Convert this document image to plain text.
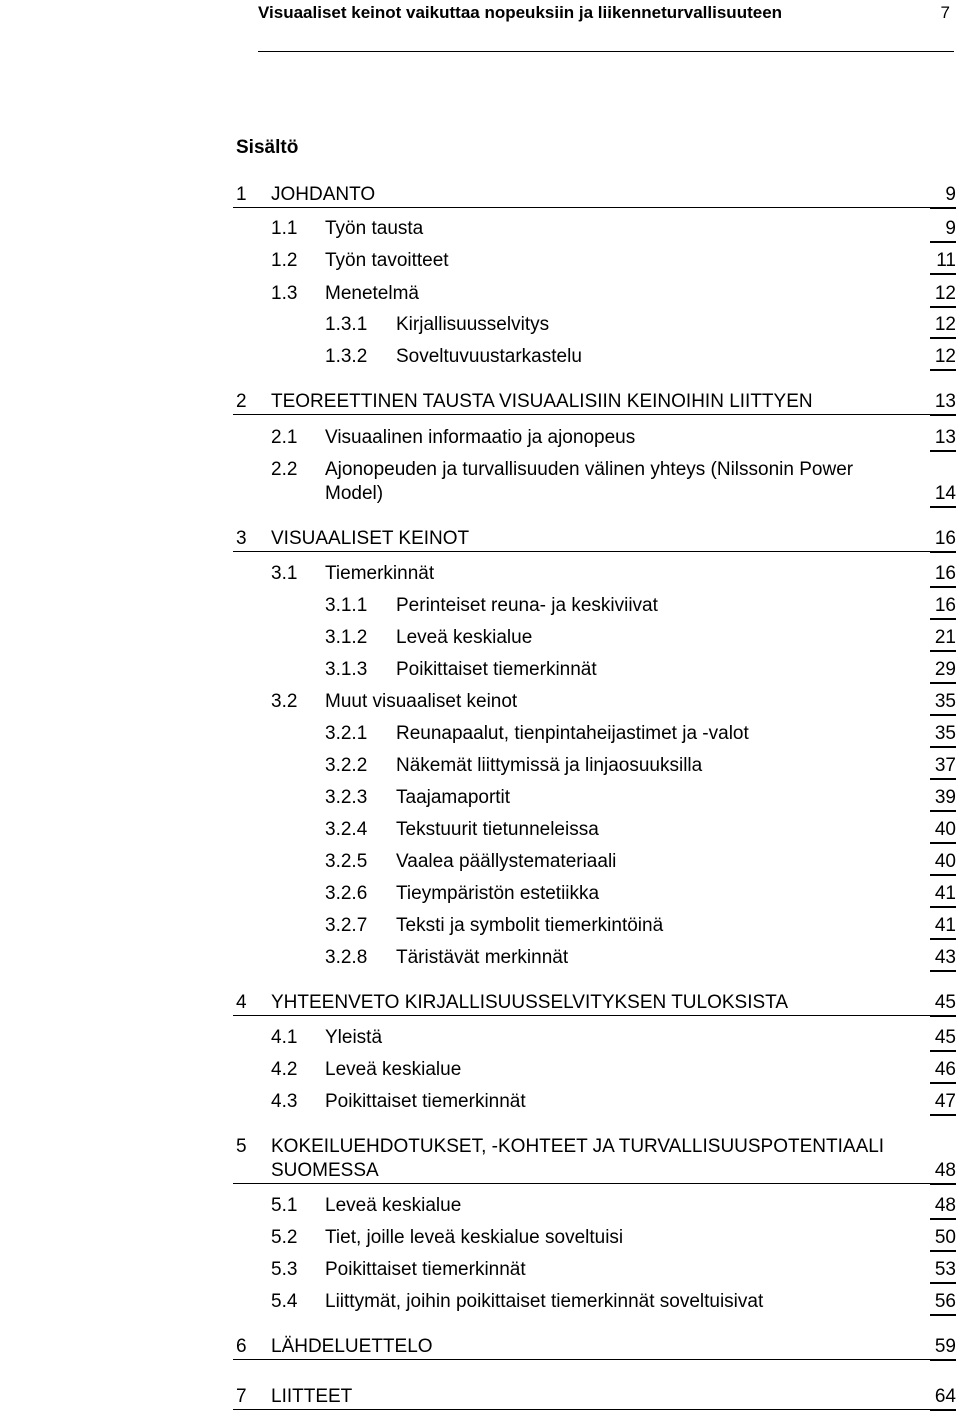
Visuaaliset keinot vaikuttaa nopeuksiin ja liikenneturvallisuuteen	7
Sisältö
1 JOHDANTO	9
1.1 Työn tausta	9
1.2 Työn tavoitteet	11
1.3 Menetelmä	12
1.3.1 Kirjallisuusselvitys	12
1.3.2 Soveltuvuustarkastelu	12
2 TEOREETTINEN TAUSTA VISUAALISIIN KEINOIHIN LIITTYEN	13
2.1 Visuaalinen informaatio ja ajonopeus	13
2.2 Ajonopeuden ja turvallisuuden välinen yhteys (Nilssonin Power Model)	14
3 VISUAALISET KEINOT	16
3.1 Tiemerkinnät	16
3.1.1 Perinteiset reuna- ja keskiviivat	16
3.1.2 Leveä keskialue	21
3.1.3 Poikittaiset tiemerkinnät	29
3.2 Muut visuaaliset keinot	35
3.2.1 Reunapaalut, tienpintaheijastimet ja -valot	35
3.2.2 Näkemät liittymissä ja linjaosuuksilla	37
3.2.3 Taajamaportit	39
3.2.4 Tekstuurit tietunneleissa	40
3.2.5 Vaalea päällystemateriaali	40
3.2.6 Tieympäristön estetiikka	41
3.2.7 Teksti ja symbolit tiemerkintöinä	41
3.2.8 Täristävät merkinnät	43
4 YHTEENVETO KIRJALLISUUSSELVITYKSEN TULOKSISTA	45
4.1 Yleistä	45
4.2 Leveä keskialue	46
4.3 Poikittaiset tiemerkinnät	47
5 KOKEILUEHDOTUKSET, -KOHTEET JA TURVALLISUUSPOTENTIAALI SUOMESSA	48
5.1 Leveä keskialue	48
5.2 Tiet, joille leveä keskialue soveltuisi	50
5.3 Poikittaiset tiemerkinnät	53
5.4 Liittymät, joihin poikittaiset tiemerkinnät soveltuisivat	56
6 LÄHDELUETTELO	59
7 LIITTEET	64
